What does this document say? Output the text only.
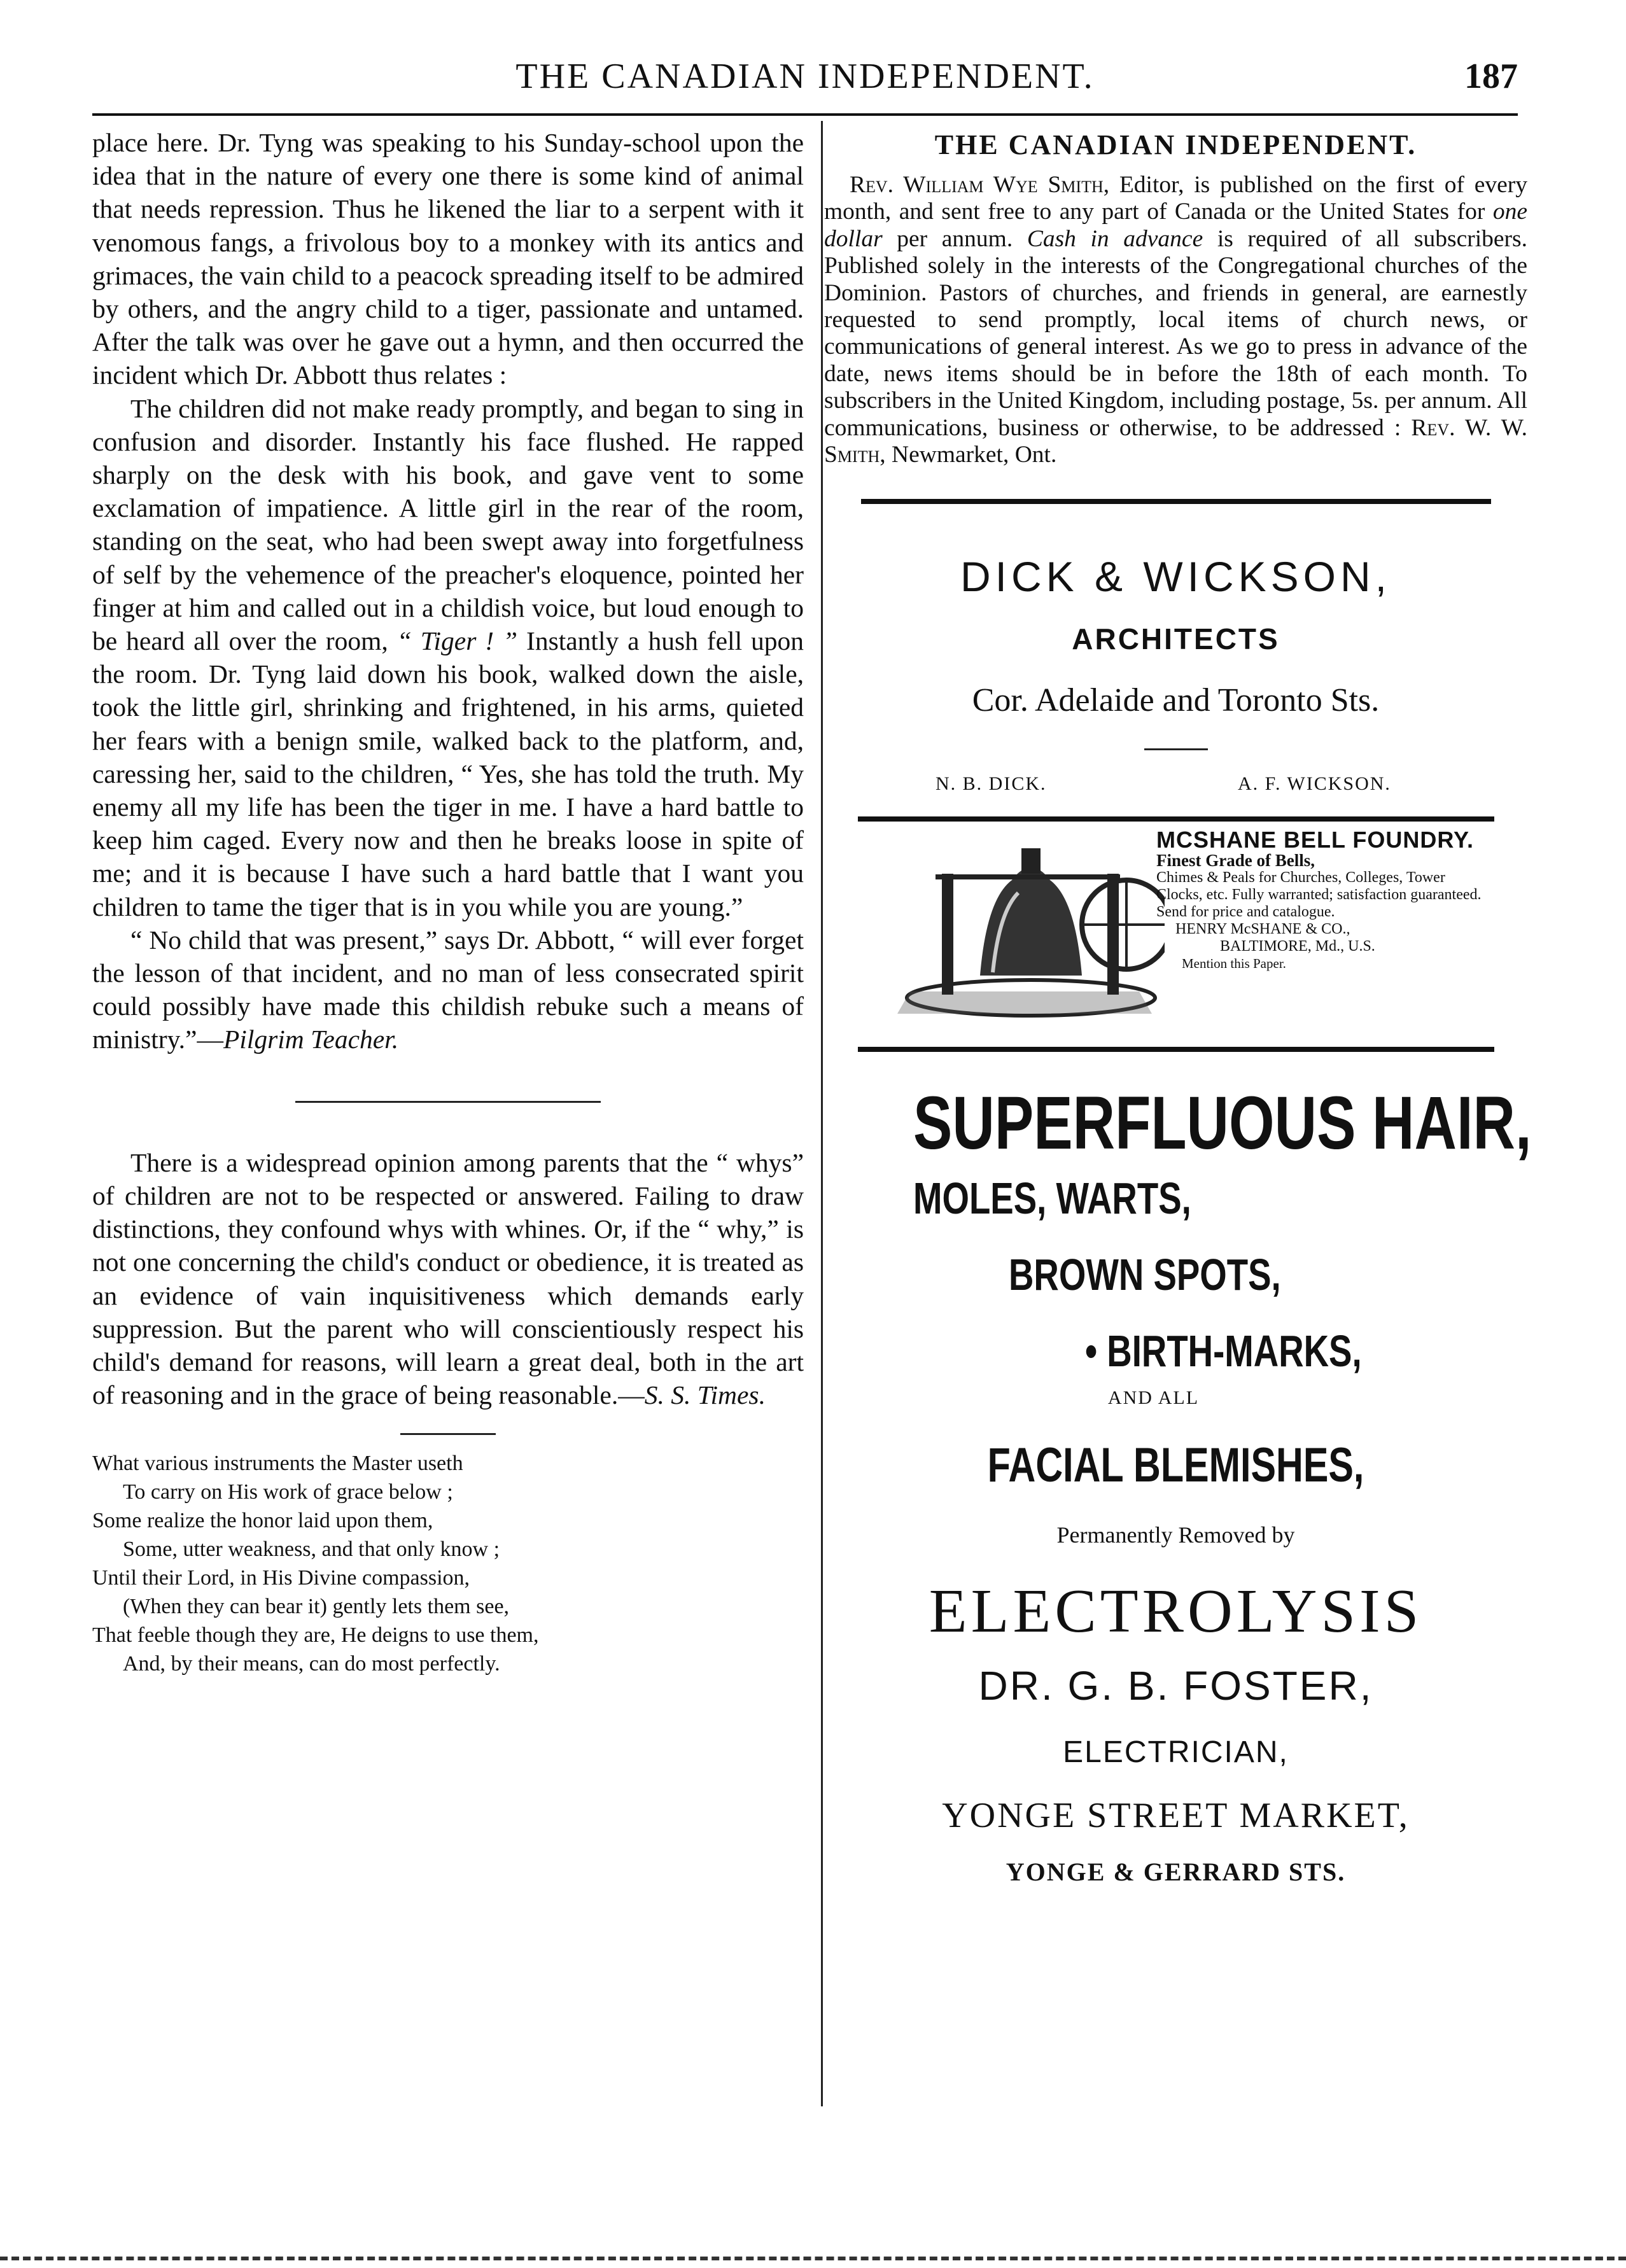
THE CANADIAN INDEPENDENT.	187

place here. Dr. Tyng was speaking to his Sunday-school upon the idea that in the nature of every one there is some kind of animal that needs repression. Thus he likened the liar to a serpent with it venomous fangs, a frivolous boy to a monkey with its antics and grimaces, the vain child to a peacock spreading itself to be admired by others, and the angry child to a tiger, passionate and untamed. After the talk was over he gave out a hymn, and then occurred the incident which Dr. Abbott thus relates :

The children did not make ready promptly, and began to sing in confusion and disorder. Instantly his face flushed. He rapped sharply on the desk with his book, and gave vent to some exclamation of impatience. A little girl in the rear of the room, standing on the seat, who had been swept away into forgetfulness of self by the vehemence of the preacher's eloquence, pointed her finger at him and called out in a childish voice, but loud enough to be heard all over the room, “ Tiger ! ” Instantly a hush fell upon the room. Dr. Tyng laid down his book, walked down the aisle, took the little girl, shrinking and frightened, in his arms, quieted her fears with a benign smile, walked back to the platform, and, caressing her, said to the children, “ Yes, she has told the truth. My enemy all my life has been the tiger in me. I have a hard battle to keep him caged. Every now and then he breaks loose in spite of me; and it is because I have such a hard battle that I want you children to tame the tiger that is in you while you are young.”

“ No child that was present,” says Dr. Abbott, “ will ever forget the lesson of that incident, and no man of less consecrated spirit could possibly have made this childish rebuke such a means of ministry.”—Pilgrim Teacher.

There is a widespread opinion among parents that the “ whys” of children are not to be respected or answered. Failing to draw distinctions, they confound whys with whines. Or, if the “ why,” is not one concerning the child's conduct or obedience, it is treated as an evidence of vain inquisitiveness which demands early suppression. But the parent who will conscientiously respect his child's demand for reasons, will learn a great deal, both in the art of reasoning and in the grace of being reasonable.—S. S. Times.

What various instruments the Master useth
To carry on His work of grace below ;
Some realize the honor laid upon them,
Some, utter weakness, and that only know ;
Until their Lord, in His Divine compassion,
(When they can bear it) gently lets them see,
That feeble though they are, He deigns to use them,
And, by their means, can do most perfectly.
THE CANADIAN INDEPENDENT.

Rev. William Wye Smith, Editor, is published on the first of every month, and sent free to any part of Canada or the United States for one dollar per annum. Cash in advance is required of all subscribers. Published solely in the interests of the Congregational churches of the Dominion. Pastors of churches, and friends in general, are earnestly requested to send promptly, local items of church news, or communications of general interest. As we go to press in advance of the date, news items should be in before the 18th of each month. To subscribers in the United Kingdom, including postage, 5s. per annum. All communications, business or otherwise, to be addressed : Rev. W. W. Smith, Newmarket, Ont.

DICK & WICKSON,
ARCHITECTS
Cor. Adelaide and Toronto Sts.
N. B. DICK.	A. F. WICKSON.
MCSHANE BELL FOUNDRY.
Finest Grade of Bells,
Chimes & Peals for Churches, Colleges, Tower Clocks, etc. Fully warranted; satisfaction guaranteed. Send for price and catalogue.
HENRY McSHANE & CO.,
BALTIMORE, Md., U.S.
Mention this Paper.
SUPERFLUOUS HAIR,
MOLES, WARTS,
BROWN SPOTS,
• BIRTH-MARKS,
AND ALL
FACIAL BLEMISHES,
Permanently Removed by
ELECTROLYSIS
DR. G. B. FOSTER,
ELECTRICIAN,
YONGE STREET MARKET,
YONGE & GERRARD STS.
